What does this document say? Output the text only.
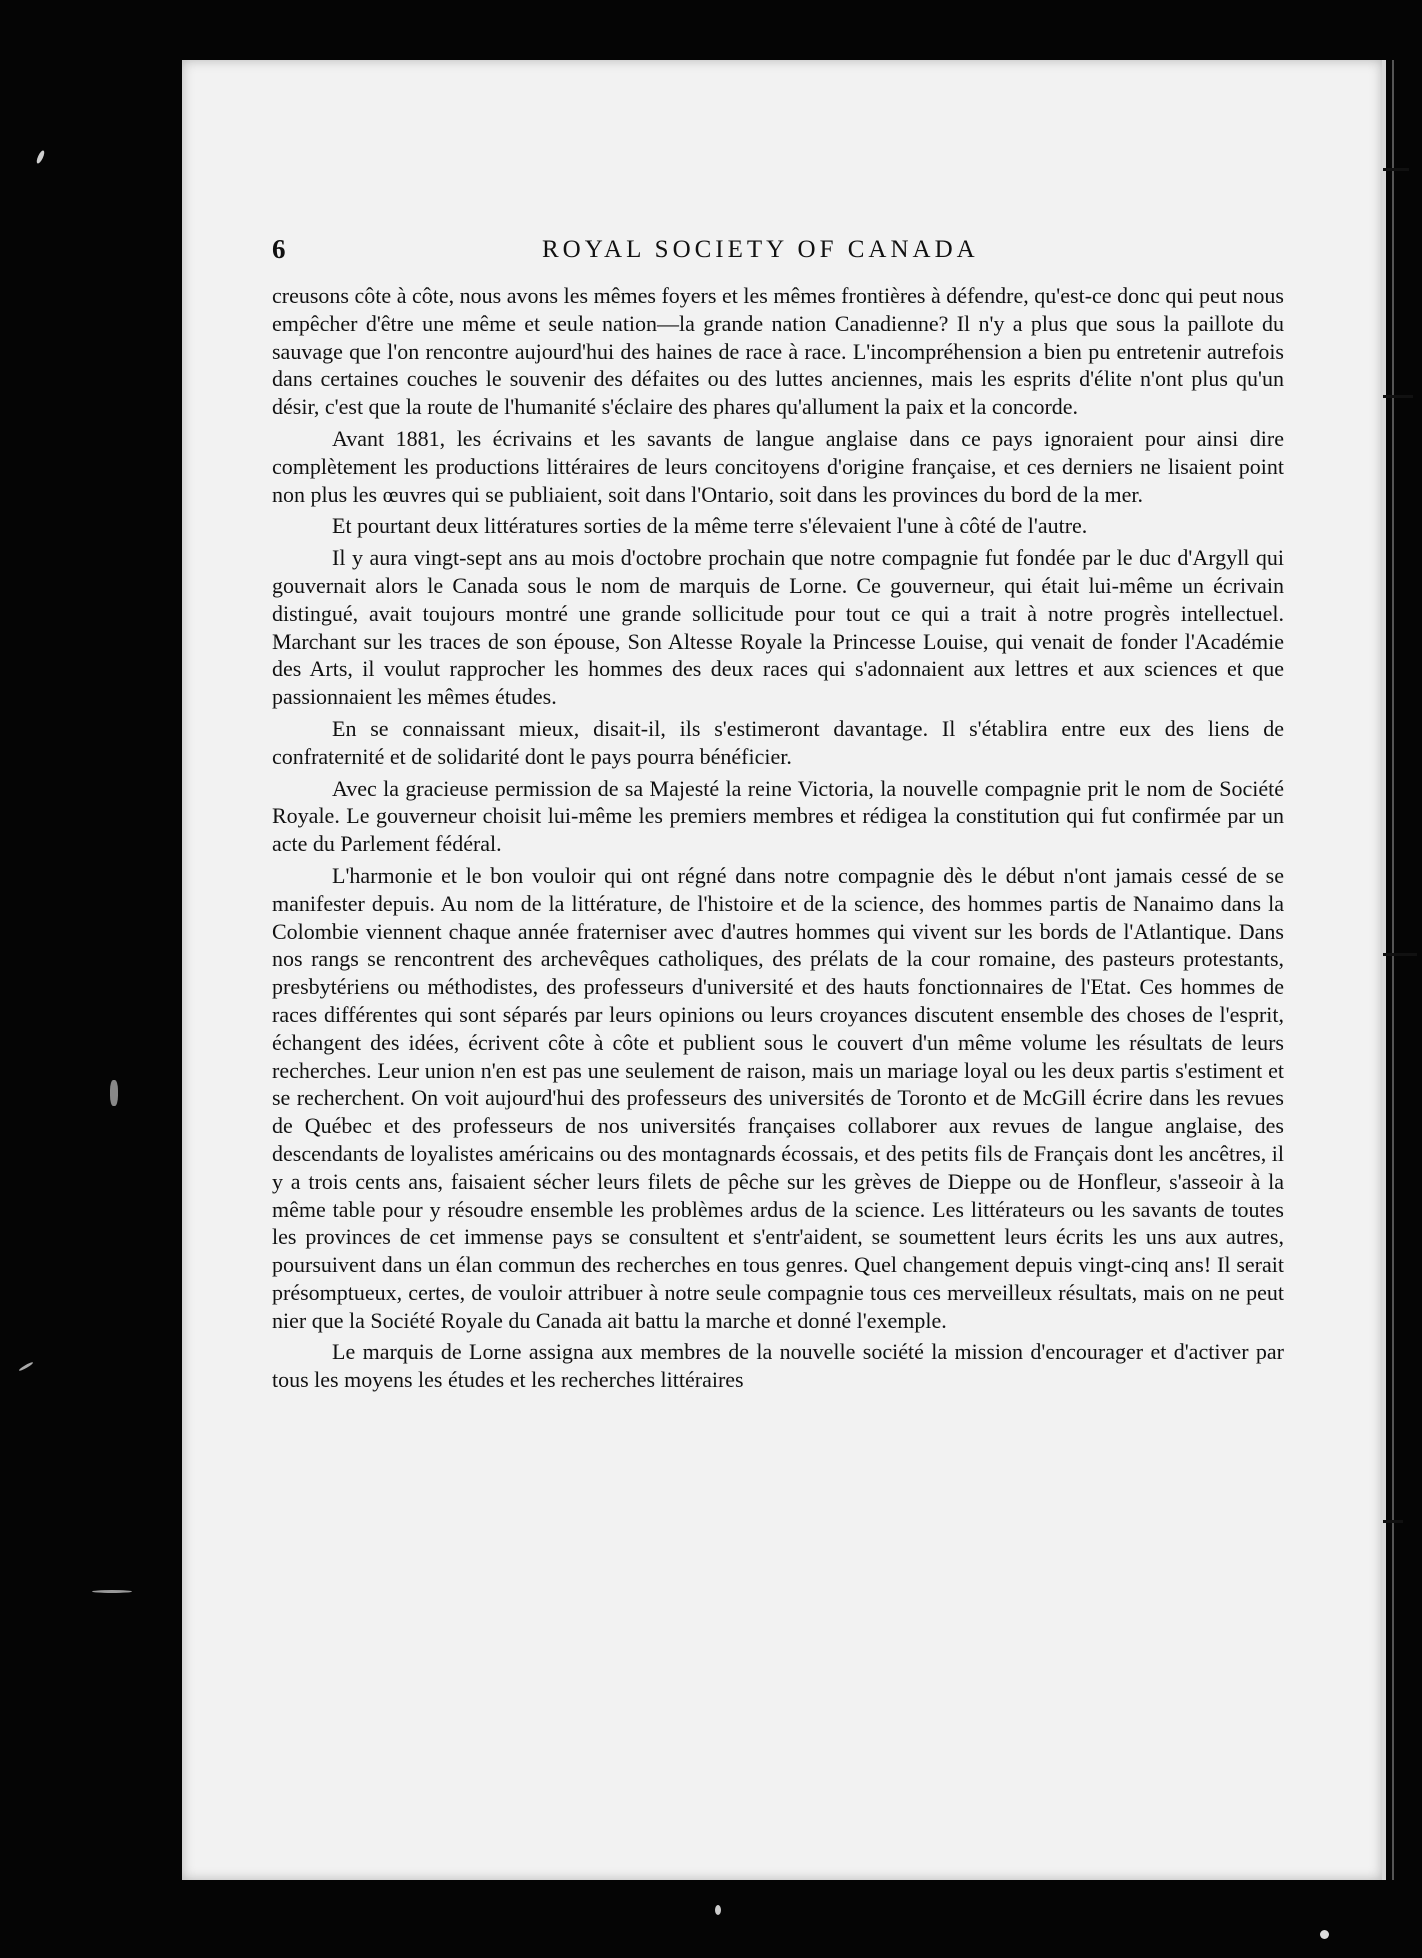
6	ROYAL SOCIETY OF CANADA

creusons côte à côte, nous avons les mêmes foyers et les mêmes frontières à défendre, qu'est-ce donc qui peut nous empêcher d'être une même et seule nation—la grande nation Canadienne? Il n'y a plus que sous la paillote du sauvage que l'on rencontre aujourd'hui des haines de race à race. L'incompréhension a bien pu entretenir autrefois dans certaines couches le souvenir des défaites ou des luttes anciennes, mais les esprits d'élite n'ont plus qu'un désir, c'est que la route de l'humanité s'éclaire des phares qu'allument la paix et la concorde.

Avant 1881, les écrivains et les savants de langue anglaise dans ce pays ignoraient pour ainsi dire complètement les productions littéraires de leurs concitoyens d'origine française, et ces derniers ne lisaient point non plus les œuvres qui se publiaient, soit dans l'Ontario, soit dans les provinces du bord de la mer.

Et pourtant deux littératures sorties de la même terre s'élevaient l'une à côté de l'autre.

Il y aura vingt-sept ans au mois d'octobre prochain que notre compagnie fut fondée par le duc d'Argyll qui gouvernait alors le Canada sous le nom de marquis de Lorne. Ce gouverneur, qui était lui-même un écrivain distingué, avait toujours montré une grande sollicitude pour tout ce qui a trait à notre progrès intellectuel. Marchant sur les traces de son épouse, Son Altesse Royale la Princesse Louise, qui venait de fonder l'Académie des Arts, il voulut rapprocher les hommes des deux races qui s'adonnaient aux lettres et aux sciences et que passionnaient les mêmes études.

En se connaissant mieux, disait-il, ils s'estimeront davantage. Il s'établira entre eux des liens de confraternité et de solidarité dont le pays pourra bénéficier.

Avec la gracieuse permission de sa Majesté la reine Victoria, la nouvelle compagnie prit le nom de Société Royale. Le gouverneur choisit lui-même les premiers membres et rédigea la constitution qui fut confirmée par un acte du Parlement fédéral.

L'harmonie et le bon vouloir qui ont régné dans notre compagnie dès le début n'ont jamais cessé de se manifester depuis. Au nom de la littérature, de l'histoire et de la science, des hommes partis de Nanaimo dans la Colombie viennent chaque année fraterniser avec d'autres hommes qui vivent sur les bords de l'Atlantique. Dans nos rangs se rencontrent des archevêques catholiques, des prélats de la cour romaine, des pasteurs protestants, presbytériens ou méthodistes, des professeurs d'université et des hauts fonctionnaires de l'Etat. Ces hommes de races différentes qui sont séparés par leurs opinions ou leurs croyances discutent ensemble des choses de l'esprit, échangent des idées, écrivent côte à côte et publient sous le couvert d'un même volume les résultats de leurs recherches. Leur union n'en est pas une seulement de raison, mais un mariage loyal ou les deux partis s'estiment et se recherchent. On voit aujourd'hui des professeurs des universités de Toronto et de McGill écrire dans les revues de Québec et des professeurs de nos universités françaises collaborer aux revues de langue anglaise, des descendants de loyalistes américains ou des montagnards écossais, et des petits fils de Français dont les ancêtres, il y a trois cents ans, faisaient sécher leurs filets de pêche sur les grèves de Dieppe ou de Honfleur, s'asseoir à la même table pour y résoudre ensemble les problèmes ardus de la science. Les littérateurs ou les savants de toutes les provinces de cet immense pays se consultent et s'entr'aident, se soumettent leurs écrits les uns aux autres, poursuivent dans un élan commun des recherches en tous genres. Quel changement depuis vingt-cinq ans! Il serait présomptueux, certes, de vouloir attribuer à notre seule compagnie tous ces merveilleux résultats, mais on ne peut nier que la Société Royale du Canada ait battu la marche et donné l'exemple.

Le marquis de Lorne assigna aux membres de la nouvelle société la mission d'encourager et d'activer par tous les moyens les études et les recherches littéraires
